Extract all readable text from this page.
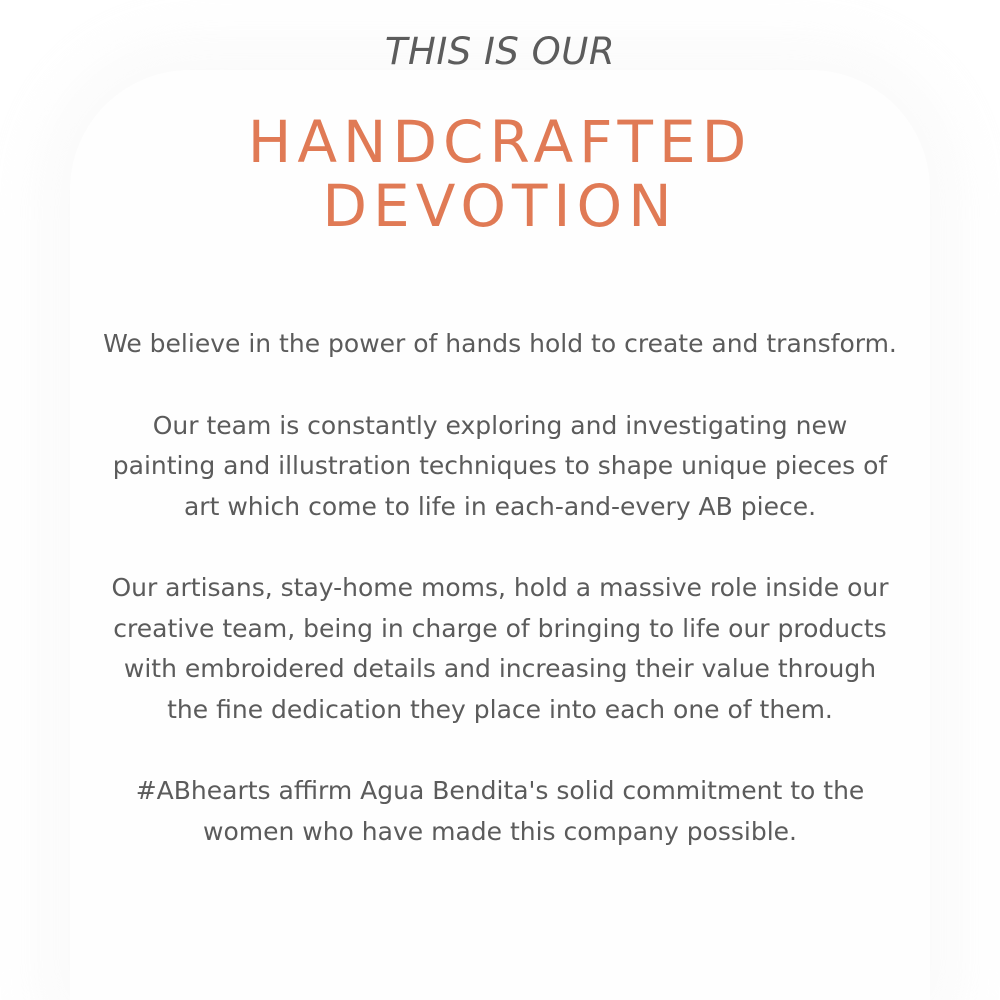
THIS IS OUR
HANDCRAFTED
DEVOTION

We believe in the power of hands hold to create and transform.

Our team is constantly exploring and investigating new painting and illustration techniques to shape unique pieces of art which come to life in each-and-every AB piece.

Our artisans, stay-home moms, hold a massive role inside our creative team, being in charge of bringing to life our products with embroidered details and increasing their value through the fine dedication they place into each one of them.

#ABhearts affirm Agua Bendita's solid commitment to the women who have made this company possible.
